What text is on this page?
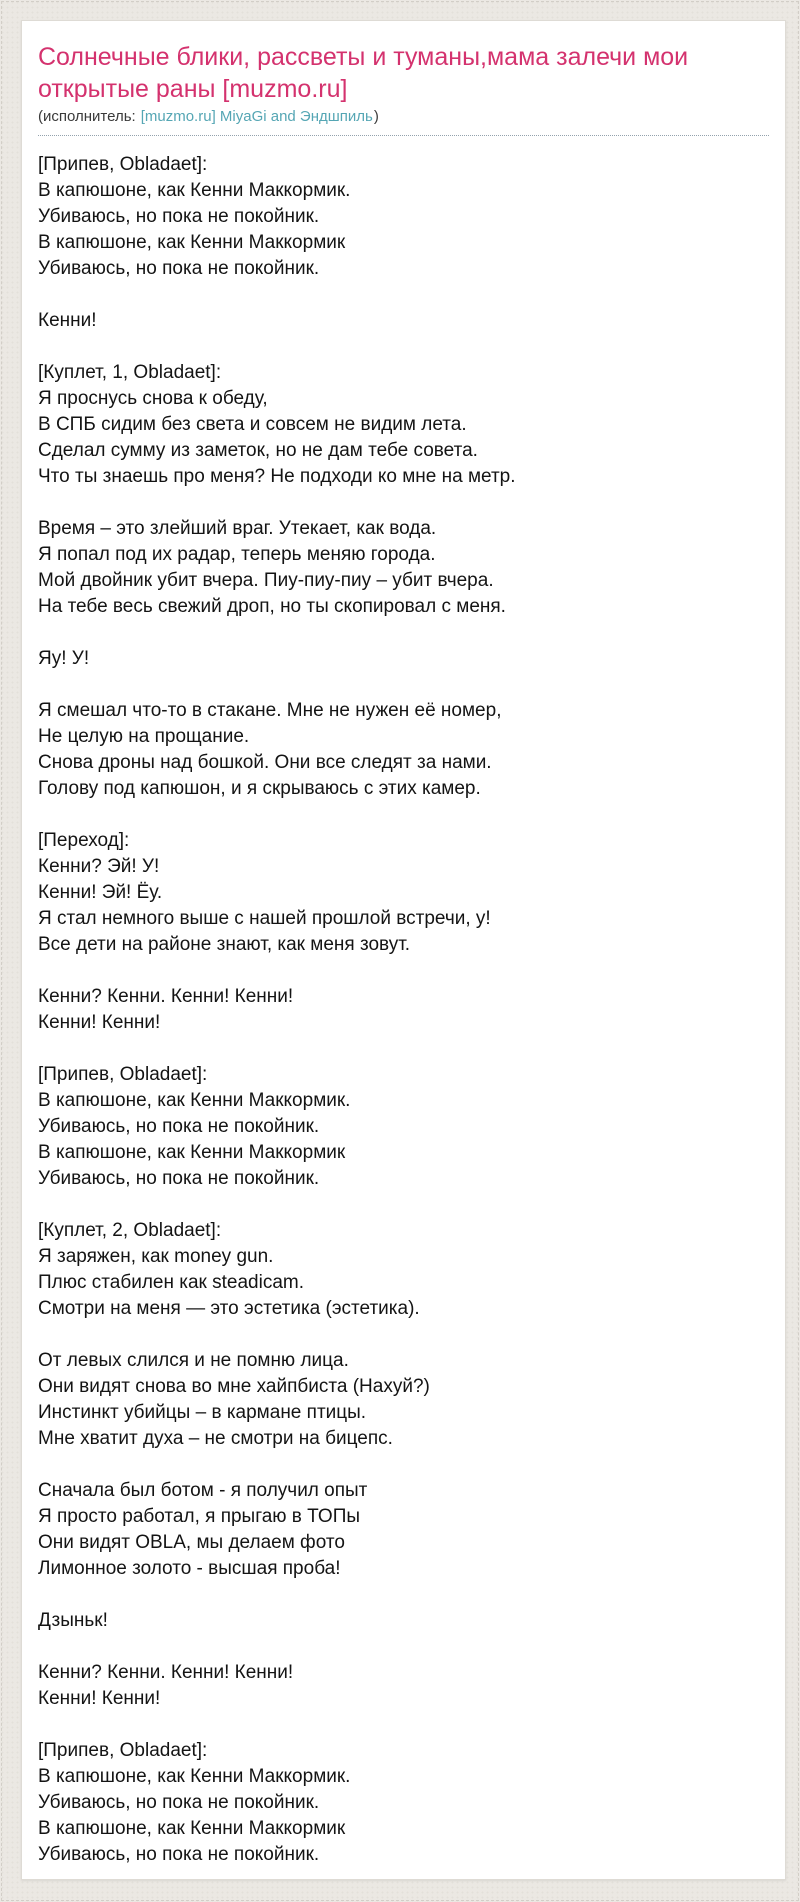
Солнечные блики, рассветы и туманы,мама залечи мои открытые раны [muzmo.ru]
(исполнитель: [muzmo.ru] MiyaGi and Эндшпиль)
[Припев, Obladaet]:
В капюшоне, как Кенни Маккормик.
Убиваюсь, но пока не покойник.
В капюшоне, как Кенни Маккормик
Убиваюсь, но пока не покойник.

Кенни!

[Куплет, 1, Obladaet]:
Я проснусь снова к обеду,
В СПБ сидим без света и совсем не видим лета.
Сделал сумму из заметок, но не дам тебе совета.
Что ты знаешь про меня? Не подходи ко мне на метр.

Время – это злейший враг. Утекает, как вода.
Я попал под их радар, теперь меняю города.
Мой двойник убит вчера. Пиу-пиу-пиу – убит вчера.
На тебе весь свежий дроп, но ты скопировал с меня.

Яу! У!

Я смешал что-то в стакане. Мне не нужен её номер,
Не целую на прощание.
Снова дроны над бошкой. Они все следят за нами.
Голову под капюшон, и я скрываюсь с этих камер.

[Переход]:
Кенни? Эй! У!
Кенни! Эй! Ёу.
Я стал немного выше с нашей прошлой встречи, у!
Все дети на районе знают, как меня зовут.

Кенни? Кенни. Кенни! Кенни!
Кенни! Кенни!

[Припев, Obladaet]:
В капюшоне, как Кенни Маккормик.
Убиваюсь, но пока не покойник.
В капюшоне, как Кенни Маккормик
Убиваюсь, но пока не покойник.

[Куплет, 2, Obladaet]:
Я заряжен, как money gun.
Плюс стабилен как steadicam.
Смотри на меня — это эстетика (эстетика).

От левых слился и не помню лица.
Они видят снова во мне хайпбиста (Нахуй?)
Инстинкт убийцы – в кармане птицы.
Мне хватит духа – не смотри на бицепс.

Сначала был ботом - я получил опыт
Я просто работал, я прыгаю в ТОПы
Они видят OBLA, мы делаем фото
Лимонное золото - высшая проба!

Дзыньк!

Кенни? Кенни. Кенни! Кенни!
Кенни! Кенни!

[Припев, Obladaet]:
В капюшоне, как Кенни Маккормик.
Убиваюсь, но пока не покойник.
В капюшоне, как Кенни Маккормик
Убиваюсь, но пока не покойник.
